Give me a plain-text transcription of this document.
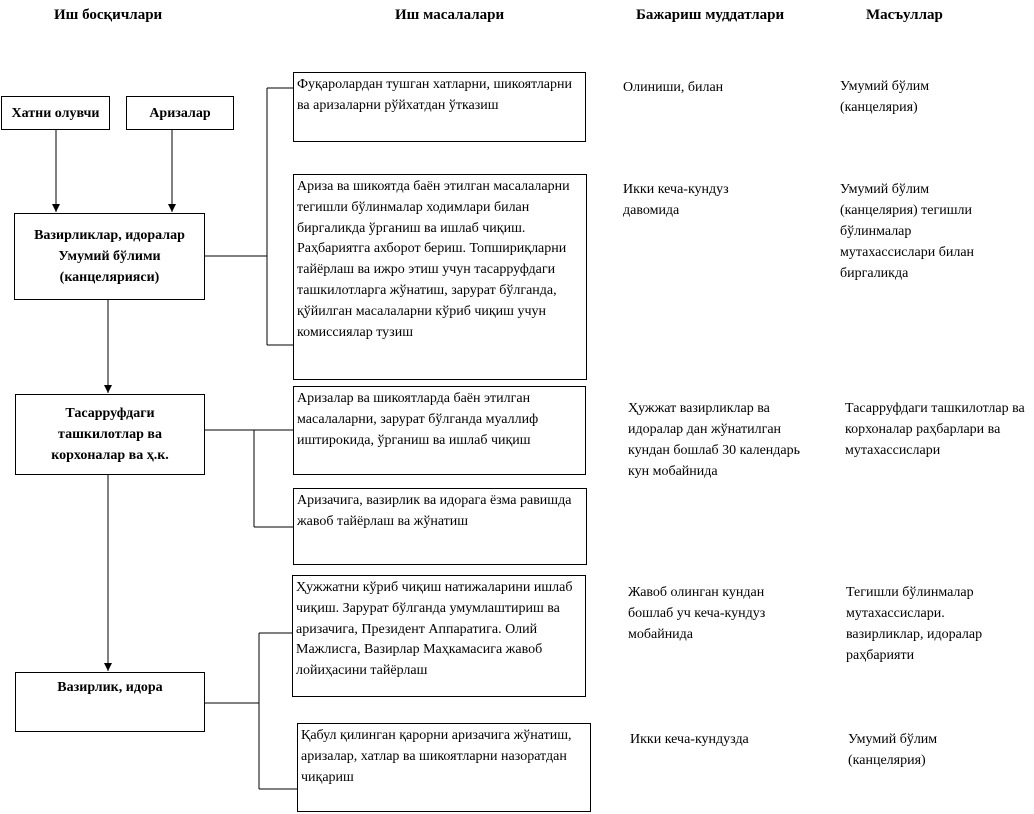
Иш босқичлари	Иш масалалари	Бажариш муддатлари	Масъуллар
Хатни олувчи	Аризалар
Вазирликлар, идоралар
Умумий бўлими
(канцелярияси)
Тасарруфдаги
ташкилотлар ва
корхоналар ва ҳ.к.
Вазирлик, идора
Фуқаролардан тушган хатларни, шикоятларни ва аризаларни рўйхатдан ўтказиш
Ариза ва шикоятда баён этилган масалаларни тегишли бўлинмалар ходимлари билан биргаликда ўрганиш ва ишлаб чиқиш. Раҳбариятга ахборот бериш. Топшириқларни тайёрлаш ва ижро этиш учун тасарруфдаги ташкилотларга жўнатиш, зарурат бўлганда, қўйилган масалаларни кўриб чиқиш учун комиссиялар тузиш
Аризалар ва шикоятларда баён этилган масалаларни, зарурат бўлганда муаллиф иштирокида, ўрганиш ва ишлаб чиқиш
Аризачига, вазирлик ва идорага ёзма равишда жавоб тайёрлаш ва жўнатиш
Ҳужжатни кўриб чиқиш натижаларини ишлаб чиқиш. Зарурат бўлганда умумлаштириш ва аризачига, Президент Аппаратига. Олий Мажлисга, Вазирлар Маҳкамасига жавоб лойиҳасини тайёрлаш
Қабул қилинган қарорни аризачига жўнатиш, аризалар, хатлар ва шикоятларни назоратдан чиқариш
Олиниши, билан
Икки кеча-кундуз давомида
Ҳужжат вазирликлар ва идоралар дан жўнатилган кундан бошлаб 30 календарь кун мобайнида
Жавоб олинган кундан бошлаб уч кеча-кундуз мобайнида
Икки кеча-кундузда
Умумий бўлим (канцелярия)
Умумий бўлим (канцелярия) тегишли бўлинмалар мутахассислари билан биргаликда
Тасарруфдаги ташкилотлар ва корхоналар раҳбарлари ва мутахассислари
Тегишли бўлинмалар мутахассислари. вазирликлар, идоралар раҳбарияти
Умумий бўлим (канцелярия)
